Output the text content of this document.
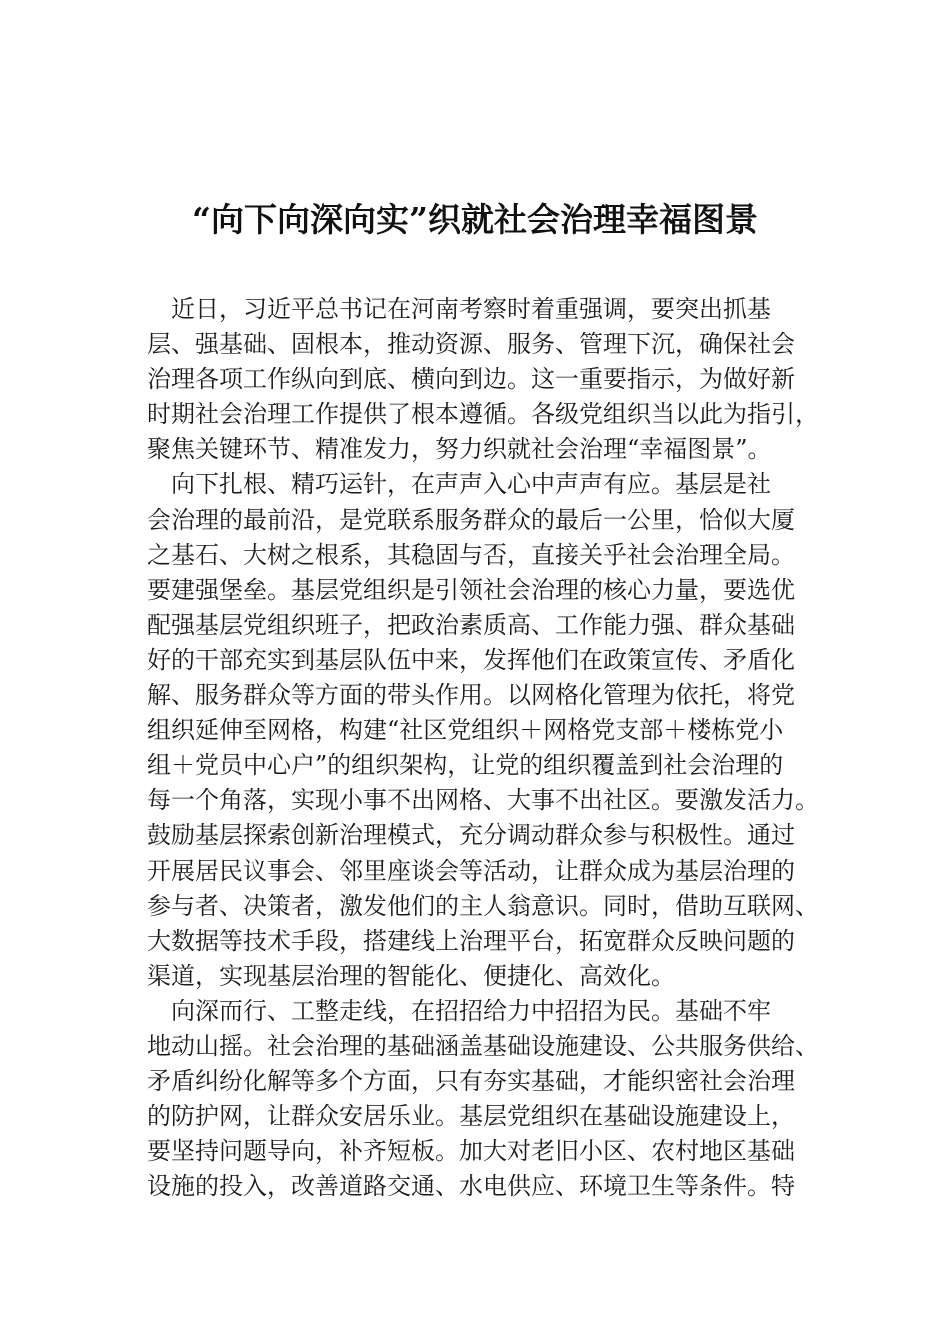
“向下向深向实”织就社会治理幸福图景
近日，习近平总书记在河南考察时着重强调，要突出抓基
层、强基础、固根本，推动资源、服务、管理下沉，确保社会
治理各项工作纵向到底、横向到边。这一重要指示，为做好新
时期社会治理工作提供了根本遵循。各级党组织当以此为指引，
聚焦关键环节、精准发力，努力织就社会治理“幸福图景”。
向下扎根、精巧运针，在声声入心中声声有应。基层是社
会治理的最前沿，是党联系服务群众的最后一公里，恰似大厦
之基石、大树之根系，其稳固与否，直接关乎社会治理全局。
要建强堡垒。基层党组织是引领社会治理的核心力量，要选优
配强基层党组织班子，把政治素质高、工作能力强、群众基础
好的干部充实到基层队伍中来，发挥他们在政策宣传、矛盾化
解、服务群众等方面的带头作用。以网格化管理为依托，将党
组织延伸至网格，构建“社区党组织＋网格党支部＋楼栋党小
组＋党员中心户”的组织架构，让党的组织覆盖到社会治理的
每一个角落，实现小事不出网格、大事不出社区。要激发活力。
鼓励基层探索创新治理模式，充分调动群众参与积极性。通过
开展居民议事会、邻里座谈会等活动，让群众成为基层治理的
参与者、决策者，激发他们的主人翁意识。同时，借助互联网、
大数据等技术手段，搭建线上治理平台，拓宽群众反映问题的
渠道，实现基层治理的智能化、便捷化、高效化。
向深而行、工整走线，在招招给力中招招为民。基础不牢
地动山摇。社会治理的基础涵盖基础设施建设、公共服务供给、
矛盾纠纷化解等多个方面，只有夯实基础，才能织密社会治理
的防护网，让群众安居乐业。基层党组织在基础设施建设上，
要坚持问题导向，补齐短板。加大对老旧小区、农村地区基础
设施的投入，改善道路交通、水电供应、环境卫生等条件。特
